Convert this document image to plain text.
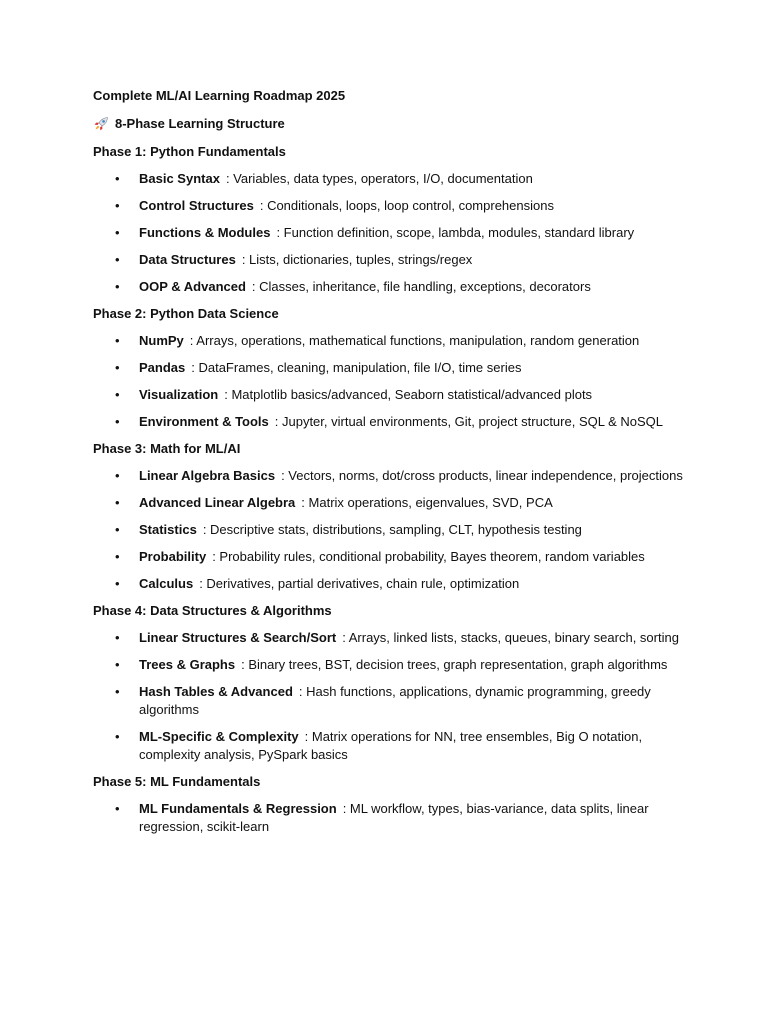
Complete ML/AI Learning Roadmap 2025
8-Phase Learning Structure
Phase 1: Python Fundamentals
• Basic Syntax : Variables, data types, operators, I/O, documentation
• Control Structures : Conditionals, loops, loop control, comprehensions
• Functions & Modules : Function definition, scope, lambda, modules, standard library
• Data Structures : Lists, dictionaries, tuples, strings/regex
• OOP & Advanced : Classes, inheritance, file handling, exceptions, decorators
Phase 2: Python Data Science
• NumPy : Arrays, operations, mathematical functions, manipulation, random generation
• Pandas : DataFrames, cleaning, manipulation, file I/O, time series
• Visualization : Matplotlib basics/advanced, Seaborn statistical/advanced plots
• Environment & Tools : Jupyter, virtual environments, Git, project structure, SQL & NoSQL
Phase 3: Math for ML/AI
• Linear Algebra Basics : Vectors, norms, dot/cross products, linear independence, projections
• Advanced Linear Algebra : Matrix operations, eigenvalues, SVD, PCA
• Statistics : Descriptive stats, distributions, sampling, CLT, hypothesis testing
• Probability : Probability rules, conditional probability, Bayes theorem, random variables
• Calculus : Derivatives, partial derivatives, chain rule, optimization
Phase 4: Data Structures & Algorithms
• Linear Structures & Search/Sort : Arrays, linked lists, stacks, queues, binary search, sorting
• Trees & Graphs : Binary trees, BST, decision trees, graph representation, graph algorithms
• Hash Tables & Advanced : Hash functions, applications, dynamic programming, greedy algorithms
• ML-Specific & Complexity : Matrix operations for NN, tree ensembles, Big O notation, complexity analysis, PySpark basics
Phase 5: ML Fundamentals
• ML Fundamentals & Regression : ML workflow, types, bias-variance, data splits, linear regression, scikit-learn
